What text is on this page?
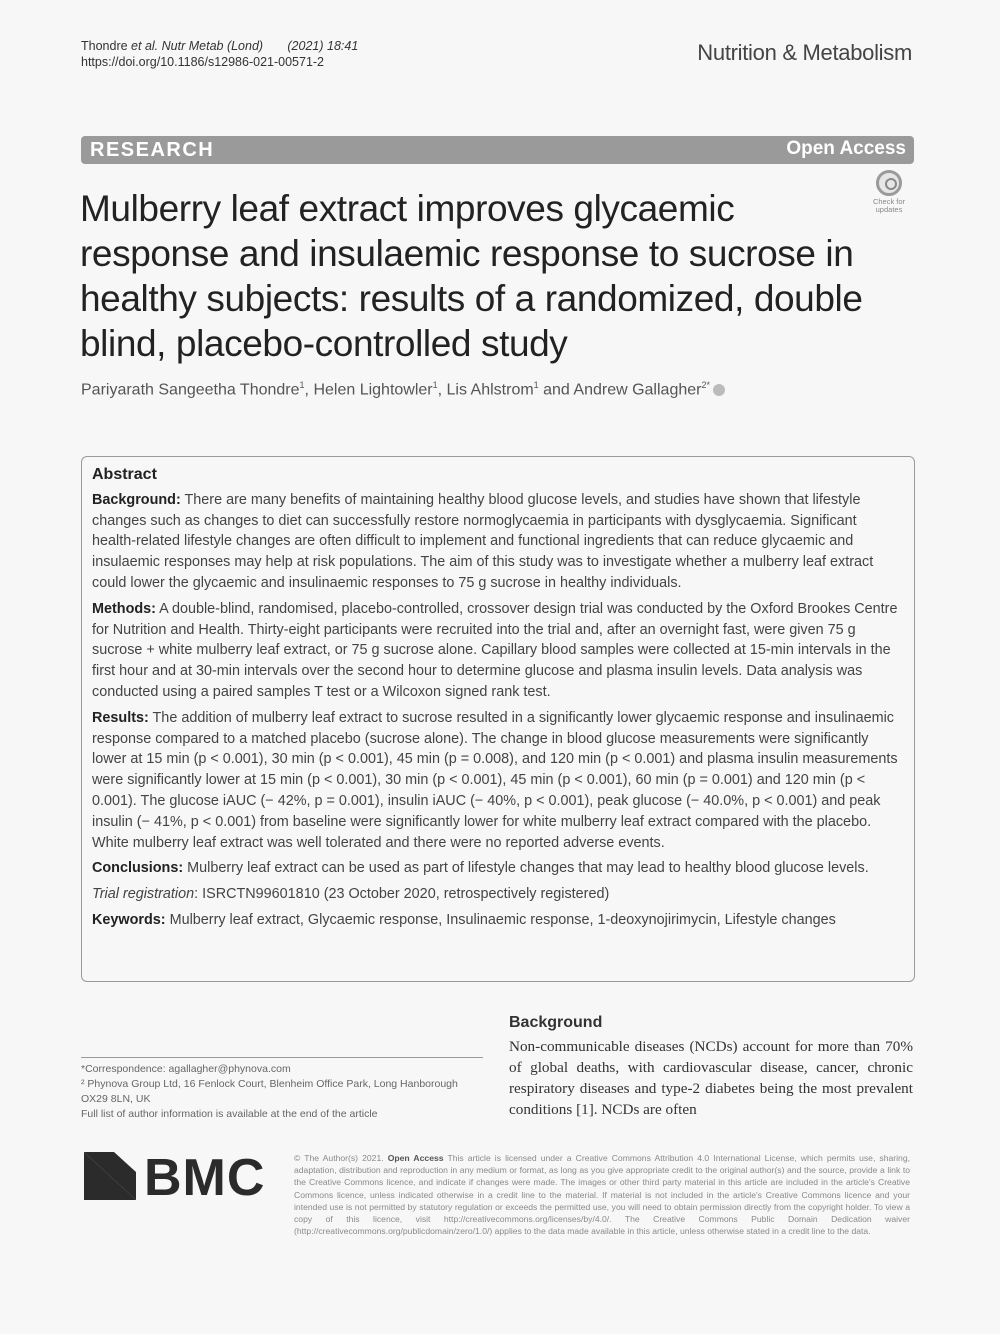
Thondre et al. Nutr Metab (Lond) (2021) 18:41
https://doi.org/10.1186/s12986-021-00571-2	Nutrition & Metabolism
RESEARCH	Open Access
Check for updates
Mulberry leaf extract improves glycaemic response and insulaemic response to sucrose in healthy subjects: results of a randomized, double blind, placebo-controlled study
Pariyarath Sangeetha Thondre$^1$, Helen Lightowler$^1$, Lis Ahlstrom$^1$ and Andrew Gallagher$^{2*}$
Abstract

Background: There are many benefits of maintaining healthy blood glucose levels, and studies have shown that lifestyle changes such as changes to diet can successfully restore normoglycaemia in participants with dysglycaemia. Significant health-related lifestyle changes are often difficult to implement and functional ingredients that can reduce glycaemic and insulaemic responses may help at risk populations. The aim of this study was to investigate whether a mulberry leaf extract could lower the glycaemic and insulinaemic responses to 75 g sucrose in healthy individuals.

Methods: A double-blind, randomised, placebo-controlled, crossover design trial was conducted by the Oxford Brookes Centre for Nutrition and Health. Thirty-eight participants were recruited into the trial and, after an overnight fast, were given 75 g sucrose + white mulberry leaf extract, or 75 g sucrose alone. Capillary blood samples were collected at 15-min intervals in the first hour and at 30-min intervals over the second hour to determine glucose and plasma insulin levels. Data analysis was conducted using a paired samples T test or a Wilcoxon signed rank test.

Results: The addition of mulberry leaf extract to sucrose resulted in a significantly lower glycaemic response and insulinaemic response compared to a matched placebo (sucrose alone). The change in blood glucose measurements were significantly lower at 15 min (p < 0.001), 30 min (p < 0.001), 45 min (p = 0.008), and 120 min (p < 0.001) and plasma insulin measurements were significantly lower at 15 min (p < 0.001), 30 min (p < 0.001), 45 min (p < 0.001), 60 min (p = 0.001) and 120 min (p < 0.001). The glucose iAUC (− 42%, p = 0.001), insulin iAUC (− 40%, p < 0.001), peak glucose (− 40.0%, p < 0.001) and peak insulin (− 41%, p < 0.001) from baseline were significantly lower for white mulberry leaf extract compared with the placebo. White mulberry leaf extract was well tolerated and there were no reported adverse events.

Conclusions: Mulberry leaf extract can be used as part of lifestyle changes that may lead to healthy blood glucose levels.

Trial registration: ISRCTN99601810 (23 October 2020, retrospectively registered)

Keywords: Mulberry leaf extract, Glycaemic response, Insulinaemic response, 1-deoxynojirimycin, Lifestyle changes

Background
Non-communicable diseases (NCDs) account for more than 70% of global deaths, with cardiovascular disease, cancer, chronic respiratory diseases and type-2 diabetes being the most prevalent conditions [1]. NCDs are often
*Correspondence: agallagher@phynova.com
² Phynova Group Ltd, 16 Fenlock Court, Blenheim Office Park, Long Hanborough OX29 8LN, UK
Full list of author information is available at the end of the article
BMC	© The Author(s) 2021. Open Access This article is licensed under a Creative Commons Attribution 4.0 International License, which permits use, sharing, adaptation, distribution and reproduction in any medium or format, as long as you give appropriate credit to the original author(s) and the source, provide a link to the Creative Commons licence, and indicate if changes were made. The images or other third party material in this article are included in the article's Creative Commons licence, unless indicated otherwise in a credit line to the material. If material is not included in the article's Creative Commons licence and your intended use is not permitted by statutory regulation or exceeds the permitted use, you will need to obtain permission directly from the copyright holder. To view a copy of this licence, visit http://creativecommons.org/licenses/by/4.0/. The Creative Commons Public Domain Dedication waiver (http://creativecommons.org/publicdomain/zero/1.0/) applies to the data made available in this article, unless otherwise stated in a credit line to the data.
